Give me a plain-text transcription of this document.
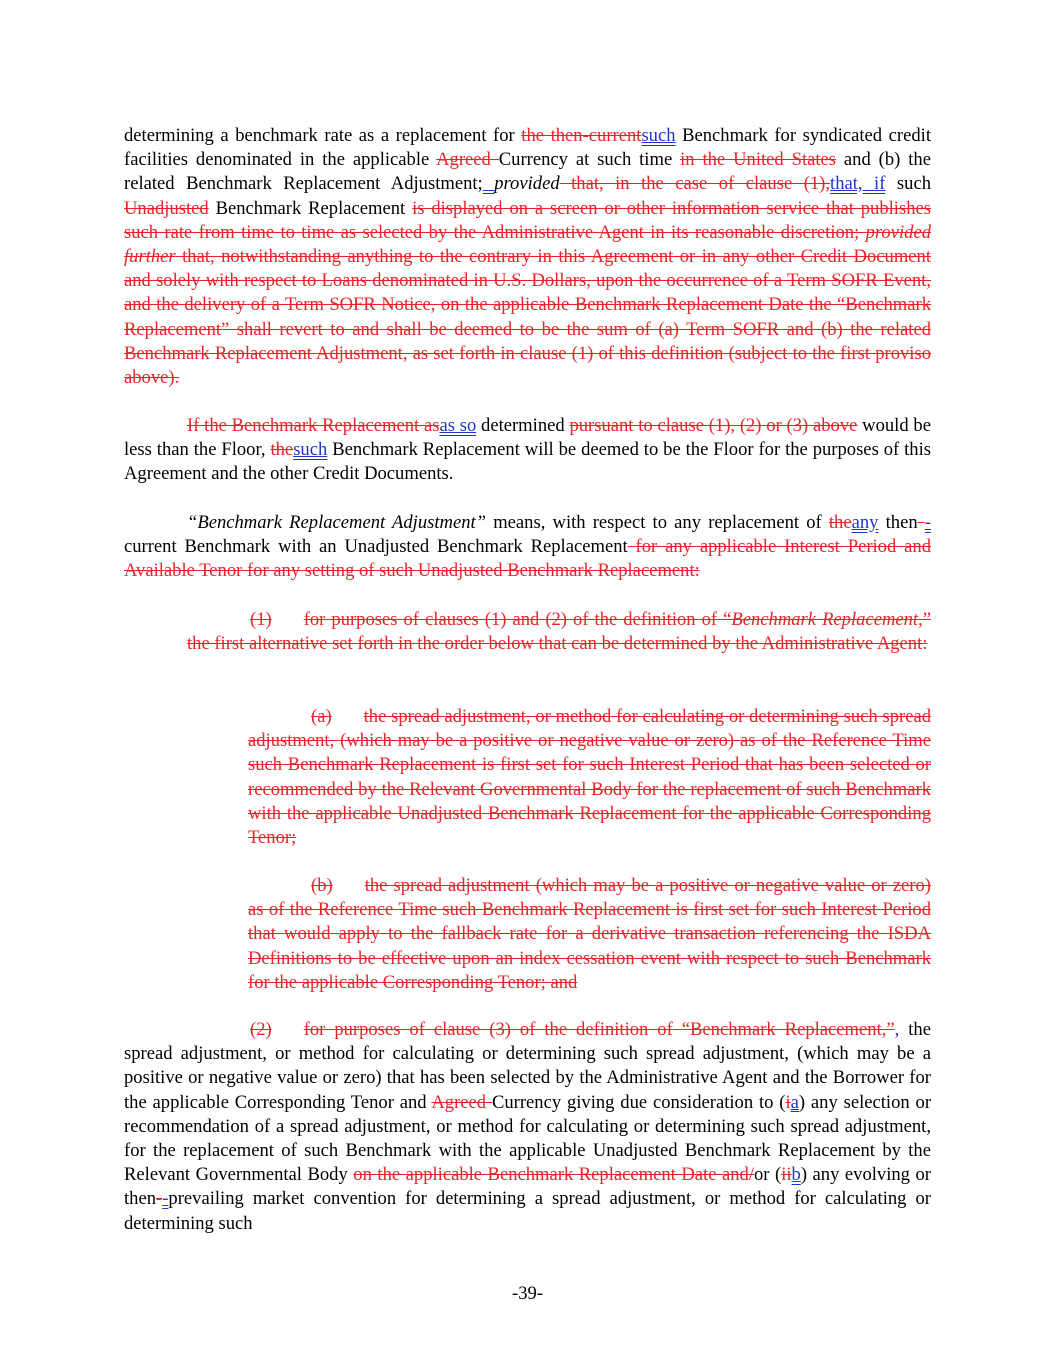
determining a benchmark rate as a replacement for the then-currentsuch Benchmark for syndicated credit facilities denominated in the applicable Agreed Currency at such time in the United States and (b) the related Benchmark Replacement Adjustment; provided that, in the case of clause (1),that, if such Unadjusted Benchmark Replacement is displayed on a screen or other information service that publishes such rate from time to time as selected by the Administrative Agent in its reasonable discretion; provided further that, notwithstanding anything to the contrary in this Agreement or in any other Credit Document and solely with respect to Loans denominated in U.S. Dollars, upon the occurrence of a Term SOFR Event, and the delivery of a Term SOFR Notice, on the applicable Benchmark Replacement Date the “Benchmark Replacement” shall revert to and shall be deemed to be the sum of (a) Term SOFR and (b) the related Benchmark Replacement Adjustment, as set forth in clause (1) of this definition (subject to the first proviso above).
If the Benchmark Replacement asas so determined pursuant to clause (1), (2) or (3) above would be less than the Floor, thesuch Benchmark Replacement will be deemed to be the Floor for the purposes of this Agreement and the other Credit Documents.
“Benchmark Replacement Adjustment” means, with respect to any replacement of theany then -current Benchmark with an Unadjusted Benchmark Replacement for any applicable Interest Period and Available Tenor for any setting of such Unadjusted Benchmark Replacement:
(1) for purposes of clauses (1) and (2) of the definition of “Benchmark Replacement,” the first alternative set forth in the order below that can be determined by the Administrative Agent:
(a) the spread adjustment, or method for calculating or determining such spread adjustment, (which may be a positive or negative value or zero) as of the Reference Time such Benchmark Replacement is first set for such Interest Period that has been selected or recommended by the Relevant Governmental Body for the replacement of such Benchmark with the applicable Unadjusted Benchmark Replacement for the applicable Corresponding Tenor;
(b) the spread adjustment (which may be a positive or negative value or zero) as of the Reference Time such Benchmark Replacement is first set for such Interest Period that would apply to the fallback rate for a derivative transaction referencing the ISDA Definitions to be effective upon an index cessation event with respect to such Benchmark for the applicable Corresponding Tenor; and
(2) for purposes of clause (3) of the definition of “Benchmark Replacement,”, the spread adjustment, or method for calculating or determining such spread adjustment, (which may be a positive or negative value or zero) that has been selected by the Administrative Agent and the Borrower for the applicable Corresponding Tenor and Agreed Currency giving due consideration to (ia) any selection or recommendation of a spread adjustment, or method for calculating or determining such spread adjustment, for the replacement of such Benchmark with the applicable Unadjusted Benchmark Replacement by the Relevant Governmental Body on the applicable Benchmark Replacement Date and/or (iib) any evolving or then--prevailing market convention for determining a spread adjustment, or method for calculating or determining such
-39-
